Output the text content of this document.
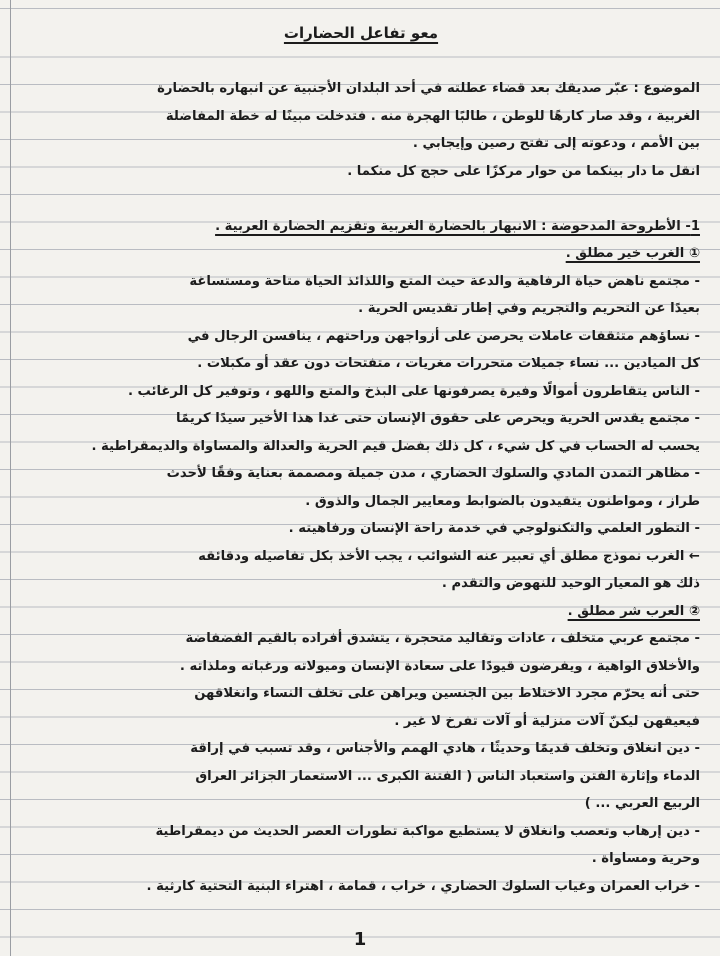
معو تفاعل الحضارات
الموضوع : عبّر صديقك بعد قضاء عطلته في أحد البلدان الأجنبية عن انبهاره بالحضارة
الغربية ، وقد صار كارهًا للوطن ، طالبًا الهجرة منه . فتدخلت مبينًا له خطة المفاضلة
بين الأمم ، ودعوته إلى تفتح رصين وإيجابي .
انقل ما دار بينكما من حوار مركزًا على حجج كل منكما .
1- الأطروحة المدحوضة : الانبهار بالحضارة الغربية وتقزيم الحضارة العربية .
① الغرب خير مطلق .
- مجتمع ناهض حياة الرفاهية والدعة حيث المتع واللذائذ الحياة متاحة ومستساغة
بعيدًا عن التحريم والتجريم وفي إطار تقديس الحرية .
- نساؤهم متثقفات عاملات يحرصن على أزواجهن وراحتهم ، ينافسن الرجال في
كل الميادين ... نساء جميلات متحررات مغريات ، متفتحات دون عقد أو مكبلات .
- الناس يتقاطرون أموالًا وفيرة يصرفونها على البذخ والمتع واللهو ، وتوفير كل الرغائب .
- مجتمع يقدس الحرية ويحرص على حقوق الإنسان حتى غدا هذا الأخير سيدًا كريمًا
يحسب له الحساب في كل شيء ، كل ذلك بفضل قيم الحرية والعدالة والمساواة والديمقراطية .
- مظاهر التمدن المادي والسلوك الحضاري ، مدن جميلة ومصممة بعناية وفقًا لأحدث
طراز ، ومواطنون يتقيدون بالضوابط ومعايير الجمال والذوق .
- التطور العلمي والتكنولوجي في خدمة راحة الإنسان ورفاهيته .
← الغرب نموذج مطلق أي تعبير عنه الشوائب ، يجب الأخذ بكل تفاصيله ودقائقه
ذلك هو المعيار الوحيد للنهوض والتقدم .
② العرب شر مطلق .
- مجتمع عربي متخلف ، عادات وتقاليد متحجرة ، يتشدق أفراده بالقيم الفضفاضة
والأخلاق الواهية ، ويفرضون قيودًا على سعادة الإنسان وميولاته ورغباته وملذاته .
حتى أنه يحرّم مجرد الاختلاط بين الجنسين ويراهن على تخلف النساء وانغلاقهن
فيعيقهن ليكنّ آلات منزلية أو آلات تفرخ لا غير .
- دين انغلاق وتخلف قديمًا وحديثًا ، هادي الهمم والأجناس ، وقد تسبب في إراقة
الدماء وإثارة الفتن واستعباد الناس ( الفتنة الكبرى ... الاستعمار الجزائر العراق
الربيع العربي ... )
- دين إرهاب وتعصب وانغلاق لا يستطيع مواكبة تطورات العصر الحديث من ديمقراطية
وحرية ومساواة .
- خراب العمران وغياب السلوك الحضاري ، خراب ، قمامة ، اهتراء البنية التحتية كارثية .
1
